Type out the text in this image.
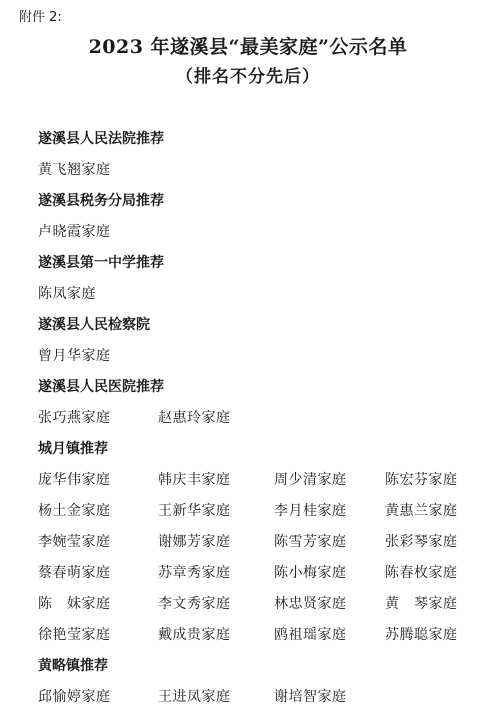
附件 2:
2023 年遂溪县“最美家庭”公示名单
（排名不分先后）
遂溪县人民法院推荐
黄飞翘家庭
遂溪县税务分局推荐
卢晓霞家庭
遂溪县第一中学推荐
陈凤家庭
遂溪县人民检察院
曾月华家庭
遂溪县人民医院推荐
张巧燕家庭	赵惠玲家庭
城月镇推荐
庞华伟家庭	韩庆丰家庭	周少清家庭	陈宏芬家庭
杨土金家庭	王新华家庭	李月桂家庭	黄惠兰家庭
李婉莹家庭	谢娜芳家庭	陈雪芳家庭	张彩琴家庭
蔡春萌家庭	苏章秀家庭	陈小梅家庭	陈春枚家庭
陈　妹家庭	李文秀家庭	林忠贤家庭	黄　琴家庭
徐艳莹家庭	戴成贵家庭	鸥祖瑶家庭	苏腾聪家庭
黄略镇推荐
邱愉婷家庭	王进凤家庭	谢培智家庭
